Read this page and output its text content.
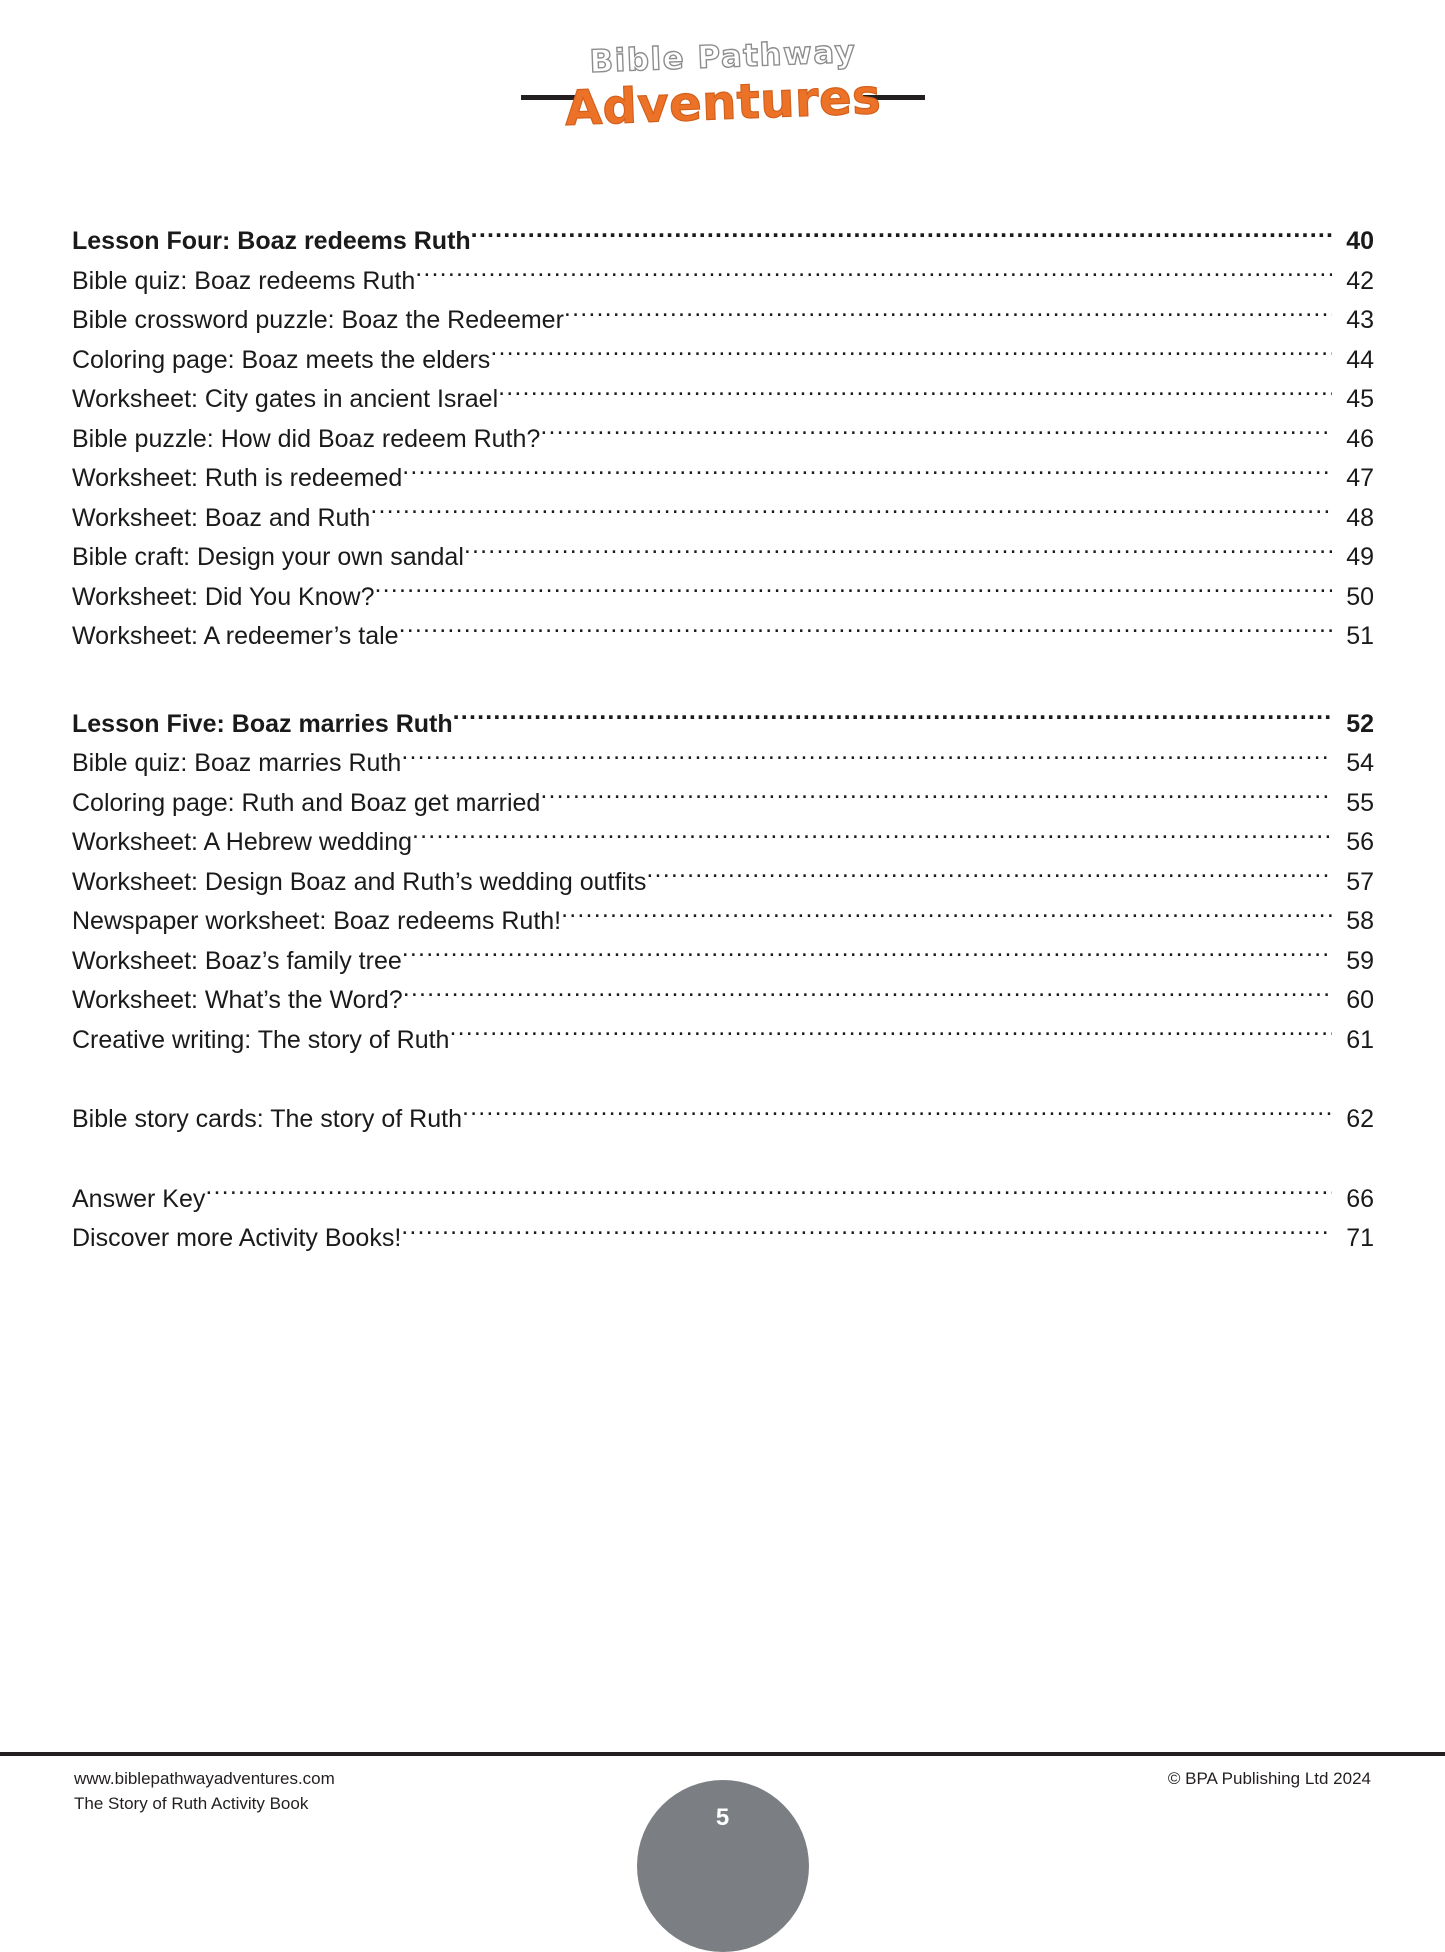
Bible Pathway
Adventures
Lesson Four: Boaz redeems Ruth .....	40
Bible quiz: Boaz redeems Ruth .....	42
Bible crossword puzzle: Boaz the Redeemer .....	43
Coloring page: Boaz meets the elders .....	44
Worksheet: City gates in ancient Israel .....	45
Bible puzzle: How did Boaz redeem Ruth? .....	46
Worksheet: Ruth is redeemed .....	47
Worksheet: Boaz and Ruth .....	48
Bible craft: Design your own sandal .....	49
Worksheet: Did You Know? .....	50
Worksheet: A redeemer’s tale .....	51
Lesson Five: Boaz marries Ruth .....	52
Bible quiz: Boaz marries Ruth .....	54
Coloring page: Ruth and Boaz get married .....	55
Worksheet: A Hebrew wedding .....	56
Worksheet: Design Boaz and Ruth’s wedding outfits .....	57
Newspaper worksheet: Boaz redeems Ruth! .....	58
Worksheet: Boaz’s family tree .....	59
Worksheet: What’s the Word? .....	60
Creative writing: The story of Ruth .....	61
Bible story cards: The story of Ruth .....	62
Answer Key .....	66
Discover more Activity Books! .....	71
www.biblepathwayadventures.com
The Story of Ruth Activity Book
© BPA Publishing Ltd 2024
5
